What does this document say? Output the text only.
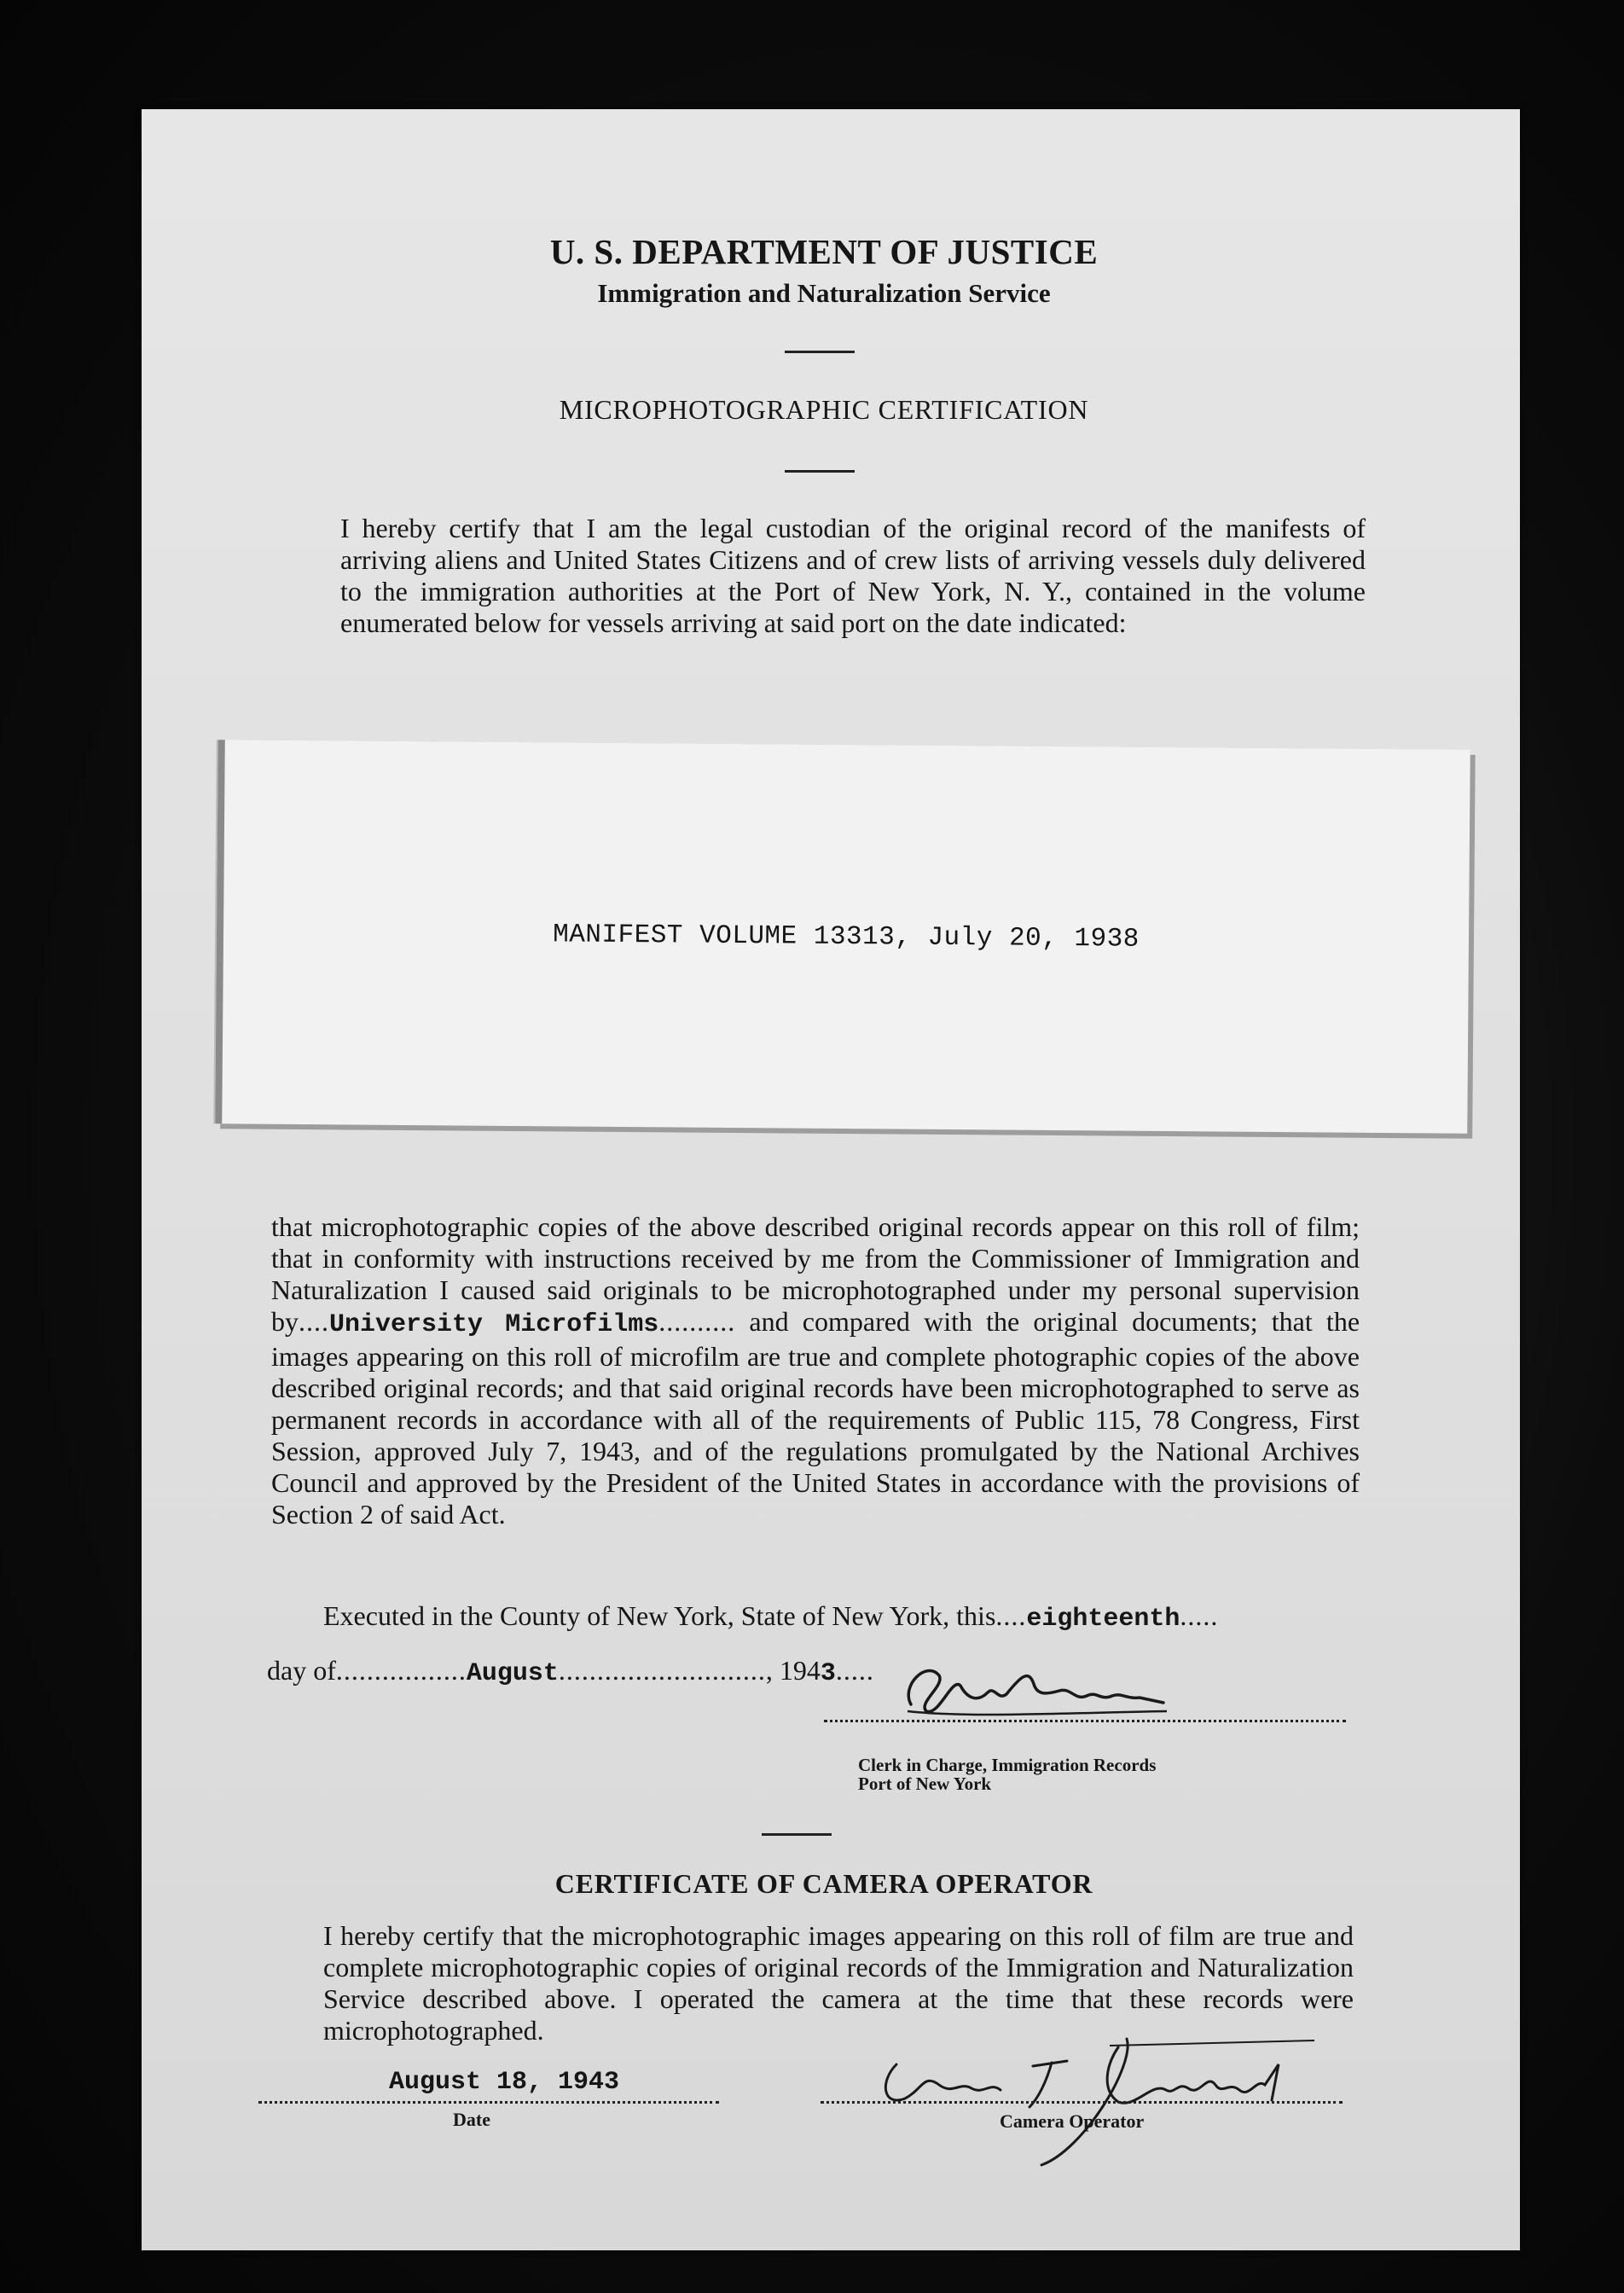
U. S. DEPARTMENT OF JUSTICE
Immigration and Naturalization Service
MICROPHOTOGRAPHIC CERTIFICATION
I hereby certify that I am the legal custodian of the original record of the manifests of arriving aliens and United States Citizens and of crew lists of arriving vessels duly delivered to the immigration authorities at the Port of New York, N. Y., contained in the volume enumerated below for vessels arriving at said port on the date indicated:
MANIFEST VOLUME 13313, July 20, 1938
that microphotographic copies of the above described original records appear on this roll of film; that in conformity with instructions received by me from the Commissioner of Immigration and Naturalization I caused said originals to be microphotographed under my personal supervision by....University Microfilms.......... and compared with the original documents; that the images appearing on this roll of microfilm are true and complete photographic copies of the above described original records; and that said original records have been microphotographed to serve as permanent records in accordance with all of the requirements of Public 115, 78 Congress, First Session, approved July 7, 1943, and of the regulations promulgated by the National Archives Council and approved by the President of the United States in accordance with the provisions of Section 2 of said Act.
Executed in the County of New York, State of New York, this....eighteenth.....
day of.................August..........................., 1943.....
Clerk in Charge, Immigration Records
Port of New York
CERTIFICATE OF CAMERA OPERATOR
I hereby certify that the microphotographic images appearing on this roll of film are true and complete microphotographic copies of original records of the Immigration and Naturalization Service described above. I operated the camera at the time that these records were microphotographed.
August 18, 1943
Date	Camera Operator
